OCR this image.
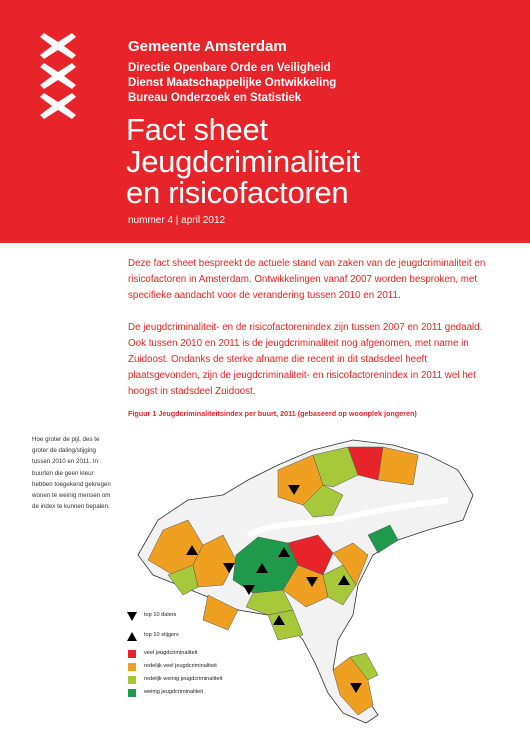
Gemeente Amsterdam
Directie Openbare Orde en Veiligheid
Dienst Maatschappelijke Ontwikkeling
Bureau Onderzoek en Statistiek
Fact sheet
Jeugdcriminaliteit
en risicofactoren
nummer 4 | april 2012

Deze fact sheet bespreekt de actuele stand van zaken van de jeugdcriminaliteit en risicofactoren in Amsterdam. Ontwikkelingen vanaf 2007 worden besproken, met specifieke aandacht voor de verandering tussen 2010 en 2011.

De jeugdcriminaliteit- en de risicofactorenindex zijn tussen 2007 en 2011 gedaald. Ook tussen 2010 en 2011 is de jeugdcriminaliteit nog afgenomen, met name in Zuidoost. Ondanks de sterke afname die recent in dit stadsdeel heeft plaatsgevonden, zijn de jeugdcriminaliteit- en risicofactorenindex in 2011 wel het hoogst in stadsdeel Zuidoost.

Figuur 1 Jeugdcriminaliteitsindex per buurt, 2011 (gebaseerd op woonplek jongeren)
Hoe groter de pijl, des te groter de daling/stijging tussen 2010 en 2011. In buurten die geen kleur hebben toegekend gekregen wonen te weinig mensen om de index te kunnen bepalen.
top 10 dalers
top 10 stijgers
veel jeugdcriminaliteit
redelijk veel jeugdcriminaliteit
redelijk weinig jeugdcriminaliteit
weinig jeugdcriminaliteit
